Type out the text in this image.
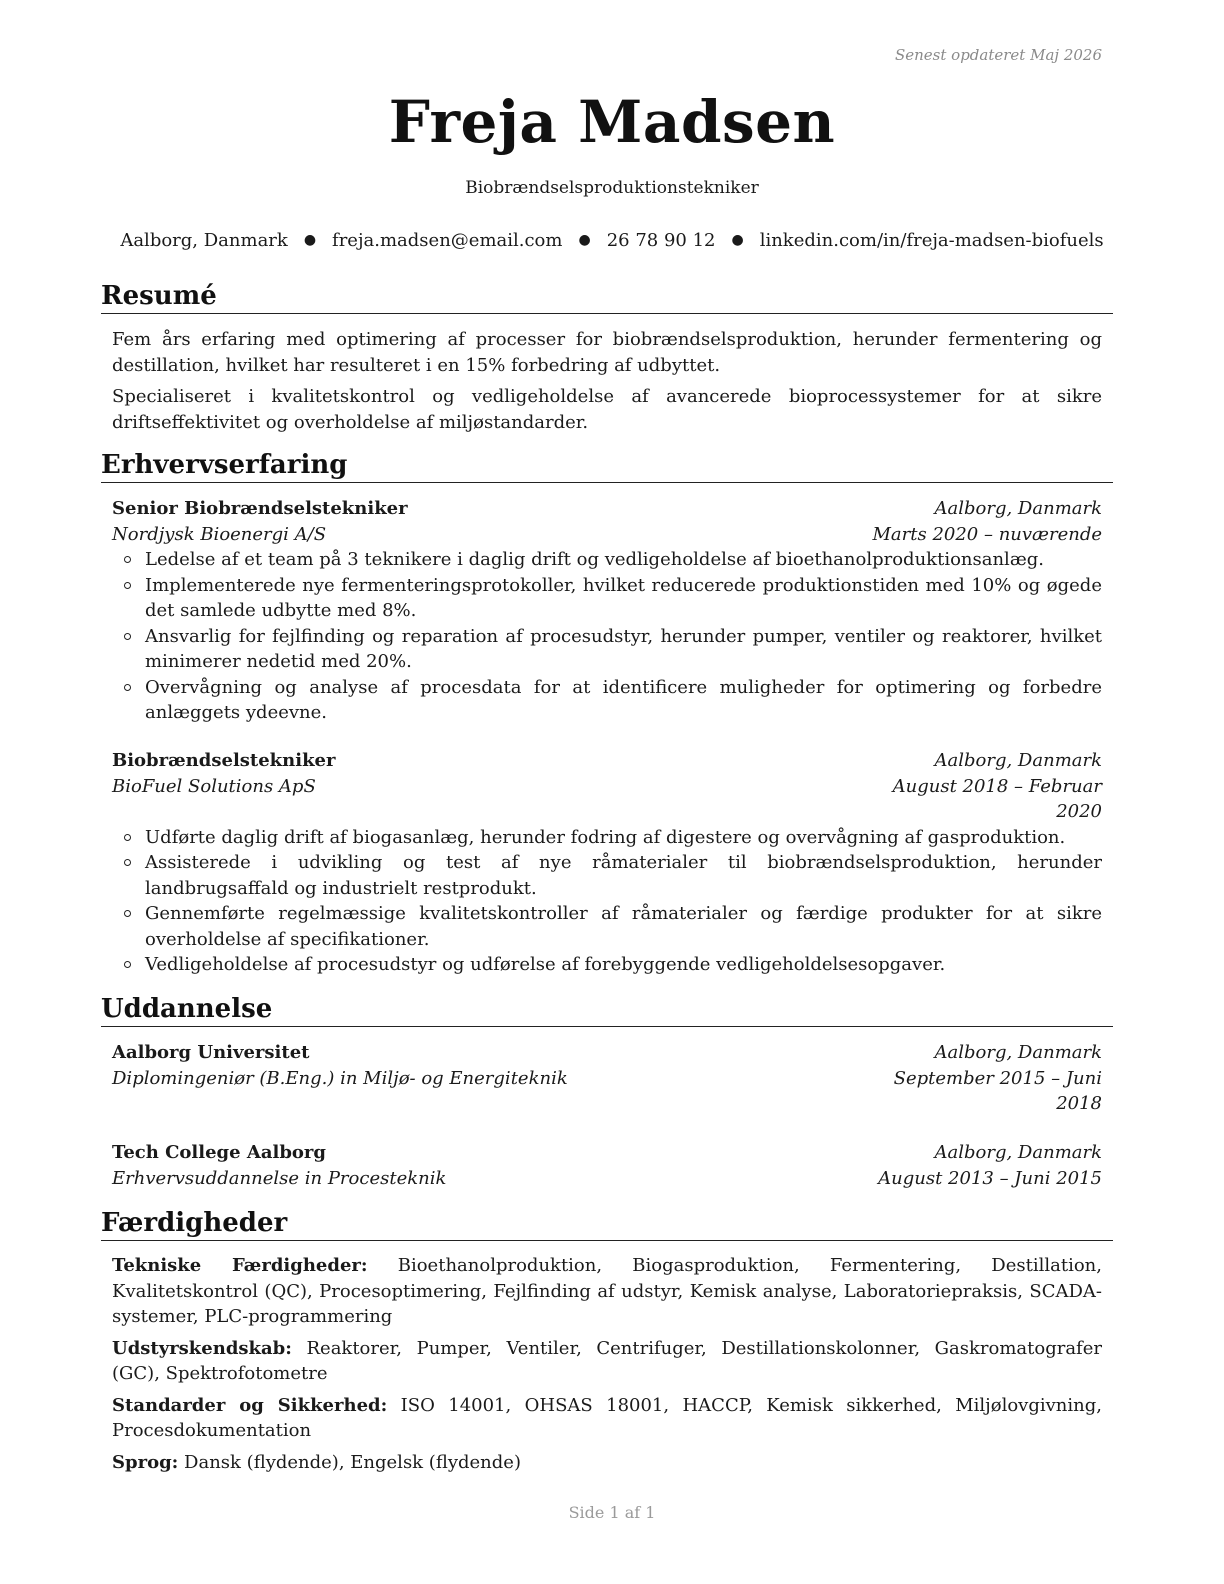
Senest opdateret Maj 2026
Freja Madsen
Biobrændselsproduktionstekniker
Aalborg, Danmark ● freja.madsen@email.com ● 26 78 90 12 ● linkedin.com/in/freja-madsen-biofuels
Resumé

Fem års erfaring med optimering af processer for biobrændselsproduktion, herunder fermentering og destillation, hvilket har resulteret i en 15% forbedring af udbyttet.

Specialiseret i kvalitetskontrol og vedligeholdelse af avancerede bioprocessystemer for at sikre driftseffektivitet og overholdelse af miljøstandarder.

Erhvervserfaring
Senior Biobrændselstekniker	Aalborg, Danmark
Nordjysk Bioenergi A/S	Marts 2020 – nuværende
Ledelse af et team på 3 teknikere i daglig drift og vedligeholdelse af bioethanolproduktionsanlæg.
Implementerede nye fermenteringsprotokoller, hvilket reducerede produktionstiden med 10% og øgede det samlede udbytte med 8%.
Ansvarlig for fejlfinding og reparation af procesudstyr, herunder pumper, ventiler og reaktorer, hvilket minimerer nedetid med 20%.
Overvågning og analyse af procesdata for at identificere muligheder for optimering og forbedre anlæggets ydeevne.
Biobrændselstekniker	Aalborg, Danmark
BioFuel Solutions ApS	August 2018 – Februar 2020
Udførte daglig drift af biogasanlæg, herunder fodring af digestere og overvågning af gasproduktion.
Assisterede i udvikling og test af nye råmaterialer til biobrændselsproduktion, herunder landbrugsaffald og industrielt restprodukt.
Gennemførte regelmæssige kvalitetskontroller af råmaterialer og færdige produkter for at sikre overholdelse af specifikationer.
Vedligeholdelse af procesudstyr og udførelse af forebyggende vedligeholdelsesopgaver.
Uddannelse
Aalborg Universitet	Aalborg, Danmark
Diplomingeniør (B.Eng.) in Miljø- og Energiteknik	September 2015 – Juni 2018
Tech College Aalborg	Aalborg, Danmark
Erhvervsuddannelse in Procesteknik	August 2013 – Juni 2015
Færdigheder

Tekniske Færdigheder: Bioethanolproduktion, Biogasproduktion, Fermentering, Destillation, Kvalitetskontrol (QC), Procesoptimering, Fejlfinding af udstyr, Kemisk analyse, Laboratoriepraksis, SCADA-systemer, PLC-programmering

Udstyrskendskab: Reaktorer, Pumper, Ventiler, Centrifuger, Destillationskolonner, Gaskromatografer (GC), Spektrofotometre

Standarder og Sikkerhed: ISO 14001, OHSAS 18001, HACCP, Kemisk sikkerhed, Miljølovgivning, Procesdokumentation

Sprog: Dansk (flydende), Engelsk (flydende)

Side 1 af 1
